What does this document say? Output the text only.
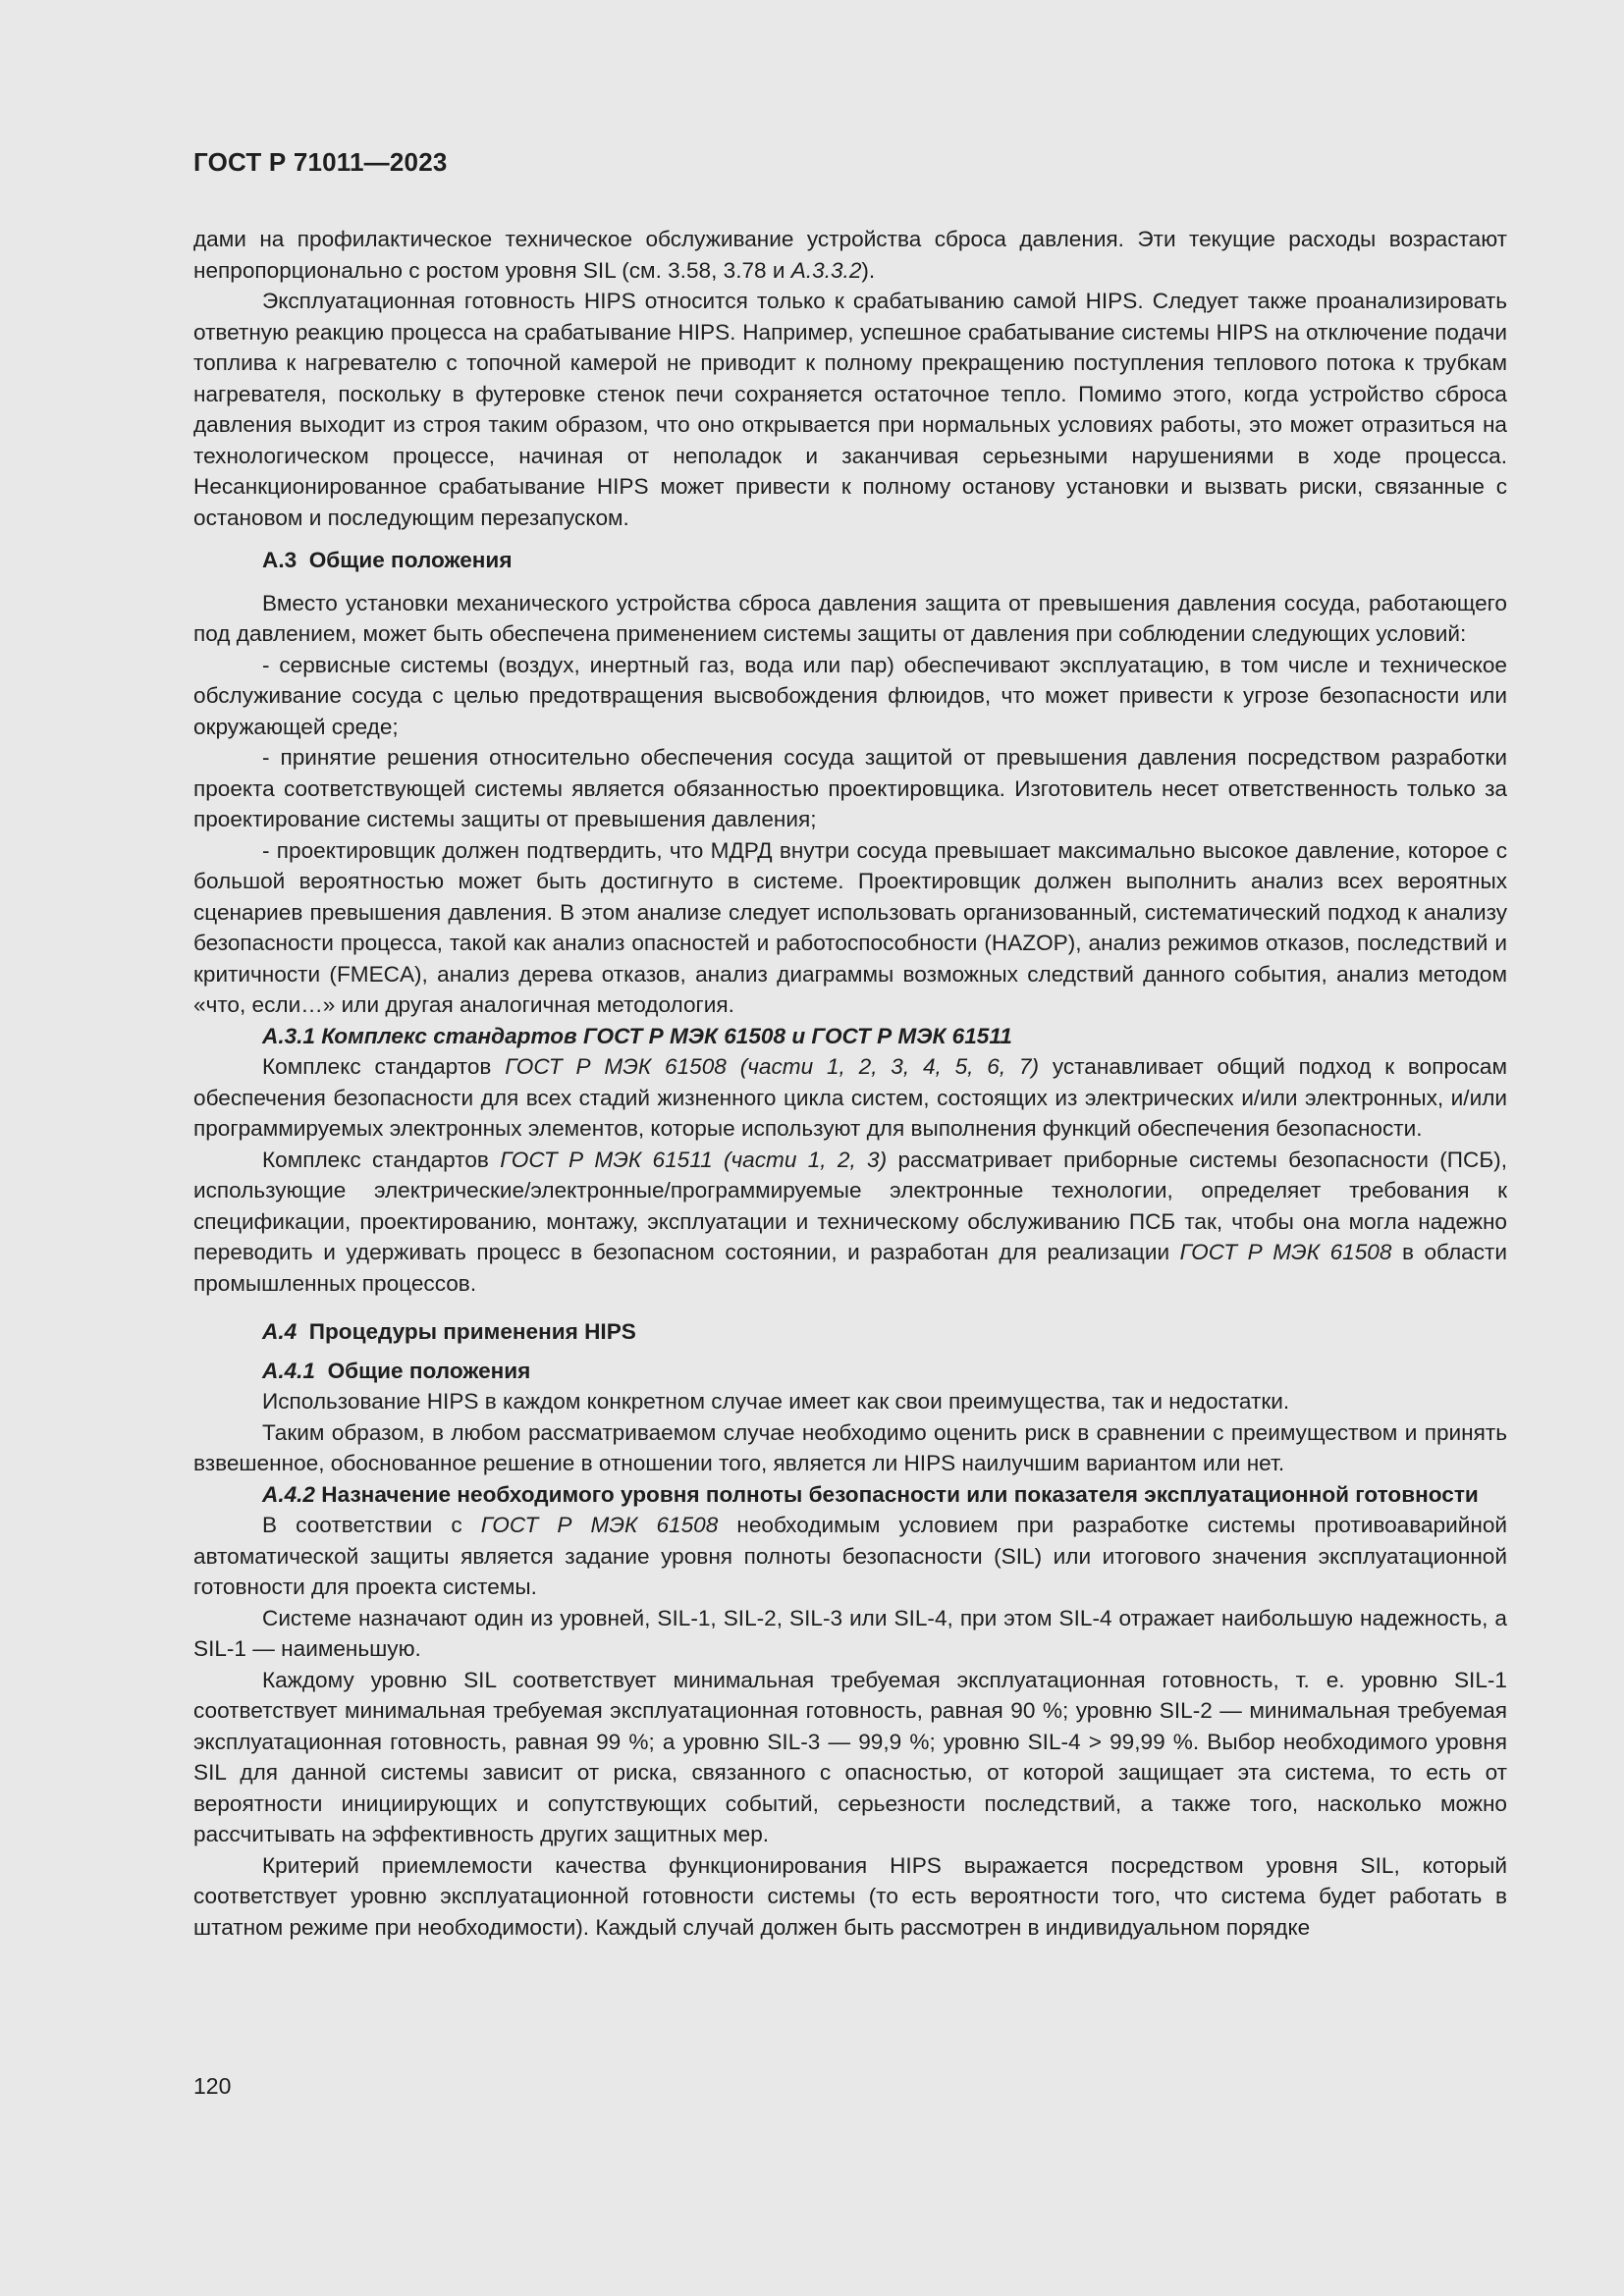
ГОСТ Р 71011—2023

дами на профилактическое техническое обслуживание устройства сброса давления. Эти текущие расходы возрастают непропорционально с ростом уровня SIL (см. 3.58, 3.78 и А.3.3.2).

Эксплуатационная готовность HIPS относится только к срабатыванию самой HIPS. Следует также проанализировать ответную реакцию процесса на срабатывание HIPS. Например, успешное срабатывание системы HIPS на отключение подачи топлива к нагревателю с топочной камерой не приводит к полному прекращению поступления теплового потока к трубкам нагревателя, поскольку в футеровке стенок печи сохраняется остаточное тепло. Помимо этого, когда устройство сброса давления выходит из строя таким образом, что оно открывается при нормальных условиях работы, это может отразиться на технологическом процессе, начиная от неполадок и заканчивая серьезными нарушениями в ходе процесса. Несанкционированное срабатывание HIPS может привести к полному останову установки и вызвать риски, связанные с остановом и последующим перезапуском.

А.3 Общие положения

Вместо установки механического устройства сброса давления защита от превышения давления сосуда, работающего под давлением, может быть обеспечена применением системы защиты от давления при соблюдении следующих условий:

- сервисные системы (воздух, инертный газ, вода или пар) обеспечивают эксплуатацию, в том числе и техническое обслуживание сосуда с целью предотвращения высвобождения флюидов, что может привести к угрозе безопасности или окружающей среде;

- принятие решения относительно обеспечения сосуда защитой от превышения давления посредством разработки проекта соответствующей системы является обязанностью проектировщика. Изготовитель несет ответственность только за проектирование системы защиты от превышения давления;

- проектировщик должен подтвердить, что МДРД внутри сосуда превышает максимально высокое давление, которое с большой вероятностью может быть достигнуто в системе. Проектировщик должен выполнить анализ всех вероятных сценариев превышения давления. В этом анализе следует использовать организованный, систематический подход к анализу безопасности процесса, такой как анализ опасностей и работоспособности (HAZOP), анализ режимов отказов, последствий и критичности (FMECA), анализ дерева отказов, анализ диаграммы возможных следствий данного события, анализ методом «что, если…» или другая аналогичная методология.

А.3.1 Комплекс стандартов ГОСТ Р МЭК 61508 и ГОСТ Р МЭК 61511

Комплекс стандартов ГОСТ Р МЭК 61508 (части 1, 2, 3, 4, 5, 6, 7) устанавливает общий подход к вопросам обеспечения безопасности для всех стадий жизненного цикла систем, состоящих из электрических и/или электронных, и/или программируемых электронных элементов, которые используют для выполнения функций обеспечения безопасности.

Комплекс стандартов ГОСТ Р МЭК 61511 (части 1, 2, 3) рассматривает приборные системы безопасности (ПСБ), использующие электрические/электронные/программируемые электронные технологии, определяет требования к спецификации, проектированию, монтажу, эксплуатации и техническому обслуживанию ПСБ так, чтобы она могла надежно переводить и удерживать процесс в безопасном состоянии, и разработан для реализации ГОСТ Р МЭК 61508 в области промышленных процессов.

А.4 Процедуры применения HIPS
А.4.1 Общие положения

Использование HIPS в каждом конкретном случае имеет как свои преимущества, так и недостатки.

Таким образом, в любом рассматриваемом случае необходимо оценить риск в сравнении с преимуществом и принять взвешенное, обоснованное решение в отношении того, является ли HIPS наилучшим вариантом или нет.

А.4.2 Назначение необходимого уровня полноты безопасности или показателя эксплуатационной готовности

В соответствии с ГОСТ Р МЭК 61508 необходимым условием при разработке системы противоаварийной автоматической защиты является задание уровня полноты безопасности (SIL) или итогового значения эксплуатационной готовности для проекта системы.

Системе назначают один из уровней, SIL-1, SIL-2, SIL-3 или SIL-4, при этом SIL-4 отражает наибольшую надежность, а SIL-1 — наименьшую.

Каждому уровню SIL соответствует минимальная требуемая эксплуатационная готовность, т. е. уровню SIL-1 соответствует минимальная требуемая эксплуатационная готовность, равная 90 %; уровню SIL-2 — минимальная требуемая эксплуатационная готовность, равная 99 %; а уровню SIL-3 — 99,9 %; уровню SIL-4 > 99,99 %. Выбор необходимого уровня SIL для данной системы зависит от риска, связанного с опасностью, от которой защищает эта система, то есть от вероятности инициирующих и сопутствующих событий, серьезности последствий, а также того, насколько можно рассчитывать на эффективность других защитных мер.

Критерий приемлемости качества функционирования HIPS выражается посредством уровня SIL, который соответствует уровню эксплуатационной готовности системы (то есть вероятности того, что система будет работать в штатном режиме при необходимости). Каждый случай должен быть рассмотрен в индивидуальном порядке

120
